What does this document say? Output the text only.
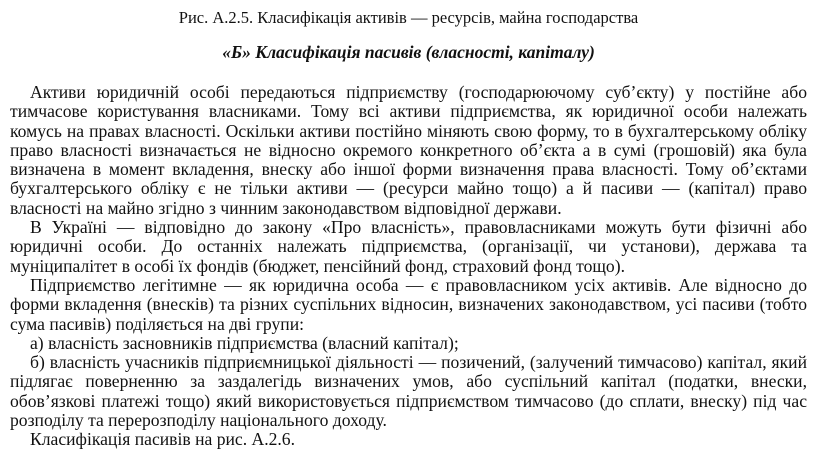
Рис. А.2.5. Класифікація активів — ресурсів, майна господарства
«Б» Класифікація пасивів (власності, капіталу)

Активи юридичній особі передаються підприємству (господарюючому суб’єкту) у постійне або тимчасове користування власниками. Тому всі активи підприємства, як юридичної особи належать комусь на правах власності. Оскільки активи постійно міняють свою форму, то в бухгалтерському обліку право власності визначається не відносно окремого конкретного об’єкта а в сумі (грошовій) яка була визначена в момент вкладення, внеску або іншої форми визначення права власності. Тому об’єктами бухгалтерського обліку є не тільки активи — (ресурси майно тощо) а й пасиви — (капітал) право власності на майно згідно з чинним законодавством відповідної держави.

В Україні — відповідно до закону «Про власність», правовласниками можуть бути фізичні або юридичні особи. До останніх належать підприємства, (організації, чи установи), держава та муніципалітет в особі їх фондів (бюджет, пенсійний фонд, страховий фонд тощо).

Підприємство легітимне — як юридична особа — є правовласником усіх активів. Але відносно до форми вкладення (внесків) та різних суспільних відносин, визначених законодавством, усі пасиви (тобто сума пасивів) поділяється на дві групи:

а) власність засновників підприємства (власний капітал);

б) власність учасників підприємницької діяльності — позичений, (залучений тимчасово) капітал, який підлягає поверненню за заздалегідь визначених умов, або суспільний капітал (податки, внески, обов’язкові платежі тощо) який використовується підприємством тимчасово (до сплати, внеску) під час розподілу та перерозподілу національного доходу.

Класифікація пасивів на рис. А.2.6.
